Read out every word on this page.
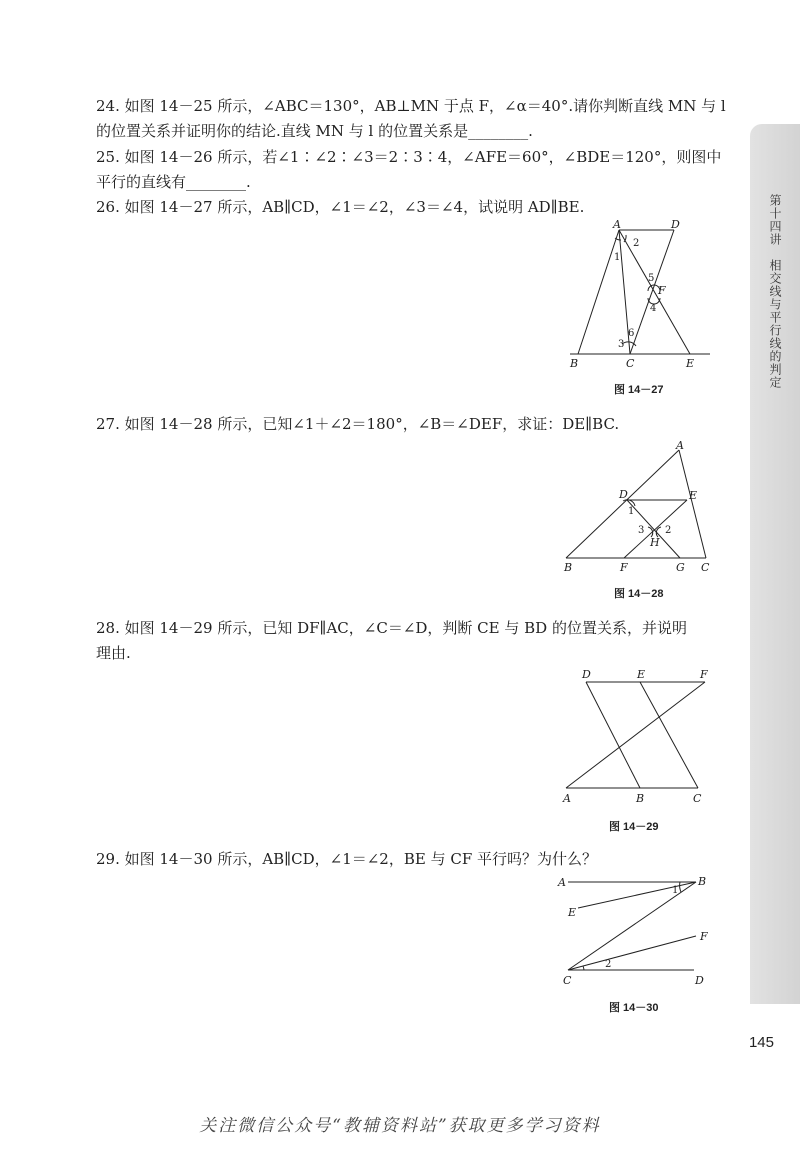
24. 如图 14－25 所示，∠ABC＝130°，AB⊥MN 于点 F，∠α＝40°.请你判断直线 MN 与 l
的位置关系并证明你的结论.直线 MN 与 l 的位置关系是________.
25. 如图 14－26 所示，若∠1∶∠2∶∠3＝2∶3∶4，∠AFE＝60°，∠BDE＝120°，则图中
平行的直线有________.
26. 如图 14－27 所示，AB∥CD，∠1＝∠2，∠3＝∠4，试说明 AD∥BE.
27. 如图 14－28 所示，已知∠1＋∠2＝180°，∠B＝∠DEF，求证：DE∥BC.
28. 如图 14－29 所示，已知 DF∥AC，∠C＝∠D，判断 CE 与 BD 的位置关系，并说明
理由.
29. 如图 14－30 所示，AB∥CD，∠1＝∠2，BE 与 CF 平行吗？为什么？
A	D
B	C	E
F
1
2
3
4
5
6
图 14－27
A
D	E
B	F	G C
H
1
2
3
图 14－28
D	E	F
A	B	C
图 14－29
A	B
E
F
C	D
1
2
图 14－30
第十四讲　相交线与平行线的判定
145
关注微信公众号“教辅资料站”获取更多学习资料
